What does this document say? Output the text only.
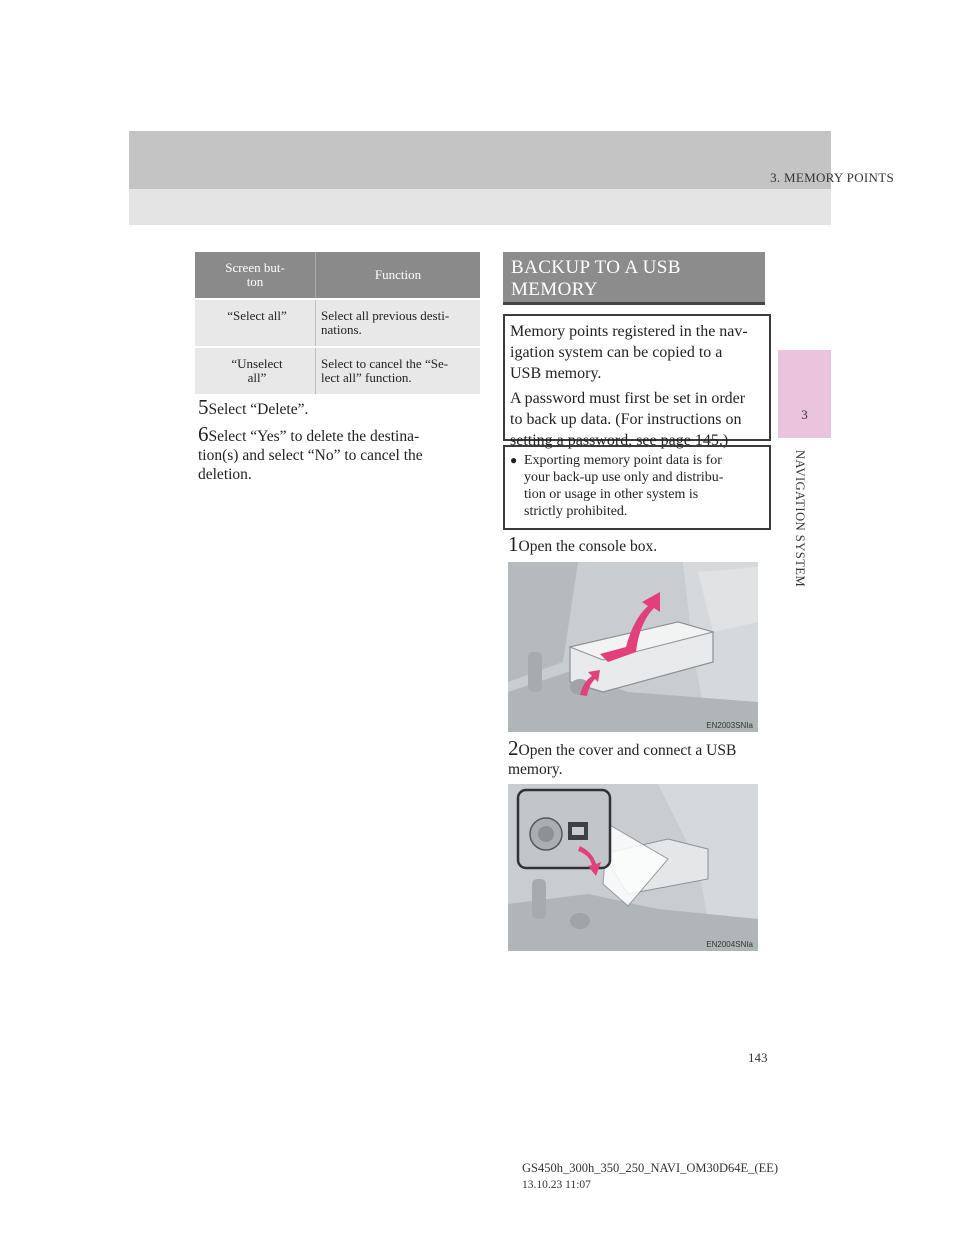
3. MEMORY POINTS
3
NAVIGATION SYSTEM
Screen but-
ton	Function
“Select all”	Select all previous desti-
nations.
“Unselect
all”	Select to cancel the “Se-
lect all” function.
5Select “Delete”.
6Select “Yes” to delete the destina-
tion(s) and select “No” to cancel the
deletion.
BACKUP TO A USB
MEMORY

Memory points registered in the nav-
igation system can be copied to a
USB memory.

A password must first be set in order
to back up data. (For instructions on
setting a password, see page 145.)

● Exporting memory point data is for
your back-up use only and distribu-
tion or usage in other system is
strictly prohibited.
1Open the console box.
EN2003SNIa
2Open the cover and connect a USB
memory.
EN2004SNIa
143
GS450h_300h_350_250_NAVI_OM30D64E_(EE)
13.10.23 11:07
